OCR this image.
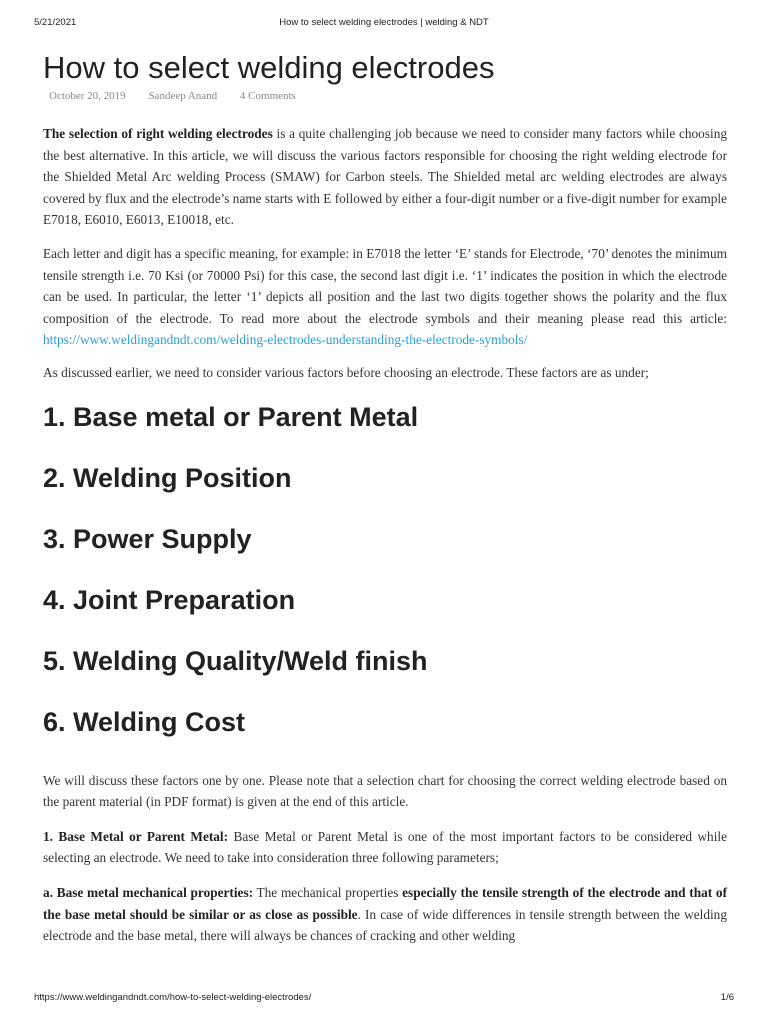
5/21/2021	How to select welding electrodes | welding & NDT
How to select welding electrodes
October 20, 2019 Sandeep Anand 4 Comments

The selection of right welding electrodes is a quite challenging job because we need to consider many factors while choosing the best alternative. In this article, we will discuss the various factors responsible for choosing the right welding electrode for the Shielded Metal Arc welding Process (SMAW) for Carbon steels. The Shielded metal arc welding electrodes are always covered by flux and the electrode’s name starts with E followed by either a four-digit number or a five-digit number for example E7018, E6010, E6013, E10018, etc.

Each letter and digit has a specific meaning, for example: in E7018 the letter ‘E’ stands for Electrode, ‘70’ denotes the minimum tensile strength i.e. 70 Ksi (or 70000 Psi) for this case, the second last digit i.e. ‘1’ indicates the position in which the electrode can be used. In particular, the letter ‘1’ depicts all position and the last two digits together shows the polarity and the flux composition of the electrode. To read more about the electrode symbols and their meaning please read this article: https://www.weldingandndt.com/welding-electrodes-understanding-the-electrode-symbols/

As discussed earlier, we need to consider various factors before choosing an electrode. These factors are as under;

1. Base metal or Parent Metal
2. Welding Position
3. Power Supply
4. Joint Preparation
5. Welding Quality/Weld finish
6. Welding Cost

We will discuss these factors one by one. Please note that a selection chart for choosing the correct welding electrode based on the parent material (in PDF format) is given at the end of this article.

1. Base Metal or Parent Metal: Base Metal or Parent Metal is one of the most important factors to be considered while selecting an electrode. We need to take into consideration three following parameters;

a. Base metal mechanical properties: The mechanical properties especially the tensile strength of the electrode and that of the base metal should be similar or as close as possible. In case of wide differences in tensile strength between the welding electrode and the base metal, there will always be chances of cracking and other welding

https://www.weldingandndt.com/how-to-select-welding-electrodes/	1/6
